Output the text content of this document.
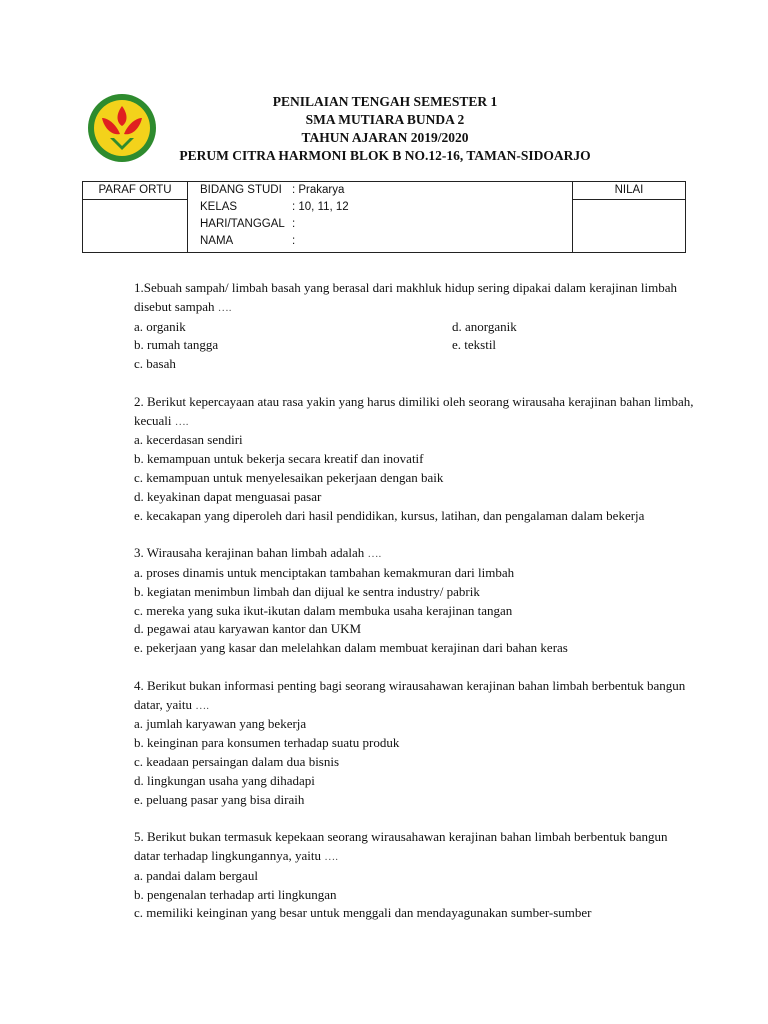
PENILAIAN TENGAH SEMESTER 1
SMA MUTIARA BUNDA 2
TAHUN AJARAN 2019/2020
PERUM CITRA HARMONI BLOK B NO.12-16, TAMAN-SIDOARJO
PARAF ORTU	BIDANG STUDI : Prakarya
KELAS	: 10, 11, 12
HARI/TANGGAL :
NAMA	:

NILAI

1.Sebuah sampah/ limbah basah yang berasal dari makhluk hidup sering dipakai dalam kerajinan limbah disebut sampah ….

a. organik	d. anorganik
b. rumah tangga	e. tekstil
c. basah

2. Berikut kepercayaan atau rasa yakin yang harus dimiliki oleh seorang wirausaha kerajinan bahan limbah, kecuali ….

a. kecerdasan sendiri
b. kemampuan untuk bekerja secara kreatif dan inovatif
c. kemampuan untuk menyelesaikan pekerjaan dengan baik
d. keyakinan dapat menguasai pasar
e. kecakapan yang diperoleh dari hasil pendidikan, kursus, latihan, dan pengalaman dalam bekerja

3. Wirausaha kerajinan bahan limbah adalah ….

a. proses dinamis untuk menciptakan tambahan kemakmuran dari limbah
b. kegiatan menimbun limbah dan dijual ke sentra industry/ pabrik
c. mereka yang suka ikut-ikutan dalam membuka usaha kerajinan tangan
d. pegawai atau karyawan kantor dan UKM
e. pekerjaan yang kasar dan melelahkan dalam membuat kerajinan dari bahan keras

4. Berikut bukan informasi penting bagi seorang wirausahawan kerajinan bahan limbah berbentuk bangun datar, yaitu ….

a. jumlah karyawan yang bekerja
b. keinginan para konsumen terhadap suatu produk
c. keadaan persaingan dalam dua bisnis
d. lingkungan usaha yang dihadapi
e. peluang pasar yang bisa diraih

5. Berikut bukan termasuk kepekaan seorang wirausahawan kerajinan bahan limbah berbentuk bangun datar terhadap lingkungannya, yaitu ….

a. pandai dalam bergaul
b. pengenalan terhadap arti lingkungan
c. memiliki keinginan yang besar untuk menggali dan mendayagunakan sumber-sumber
